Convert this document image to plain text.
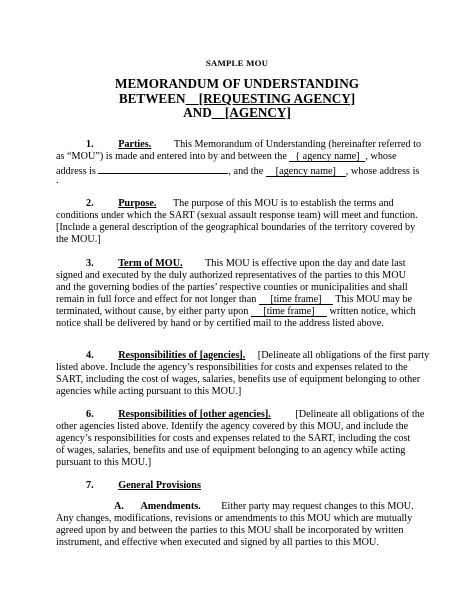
SAMPLE MOU
MEMORANDUM OF UNDERSTANDING
BETWEEN [REQUESTING AGENCY]
AND [AGENCY]
1. Parties. This Memorandum of Understanding (hereinafter referred to
as “MOU”) is made and entered into by and between the { agency name] , whose
address is	, and the [agency name] , whose address is
.
2. Purpose. The purpose of this MOU is to establish the terms and
conditions under which the SART (sexual assault response team) will meet and function.
[Include a general description of the geographical boundaries of the territory covered by
the MOU.]
3. Term of MOU. This MOU is effective upon the day and date last
signed and executed by the duly authorized representatives of the parties to this MOU
and the governing bodies of the parties’ respective counties or municipalities and shall
remain in full force and effect for not longer than [time frame] This MOU may be
terminated, without cause, by either party upon [time frame] written notice, which
notice shall be delivered by hand or by certified mail to the address listed above.
4. Responsibilities of [agencies]. [Delineate all obligations of the first party
listed above. Include the agency’s responsibilities for costs and expenses related to the
SART, including the cost of wages, salaries, benefits use of equipment belonging to other
agencies while acting pursuant to this MOU.]
6. Responsibilities of [other agencies]. [Delineate all obligations of the
other agencies listed above. Identify the agency covered by this MOU, and include the
agency’s responsibilities for costs and expenses related to the SART, including the cost
of wages, salaries, benefits and use of equipment belonging to an agency while acting
pursuant to this MOU.]
7. General Provisions
A. Amendments. Either party may request changes to this MOU.
Any changes, modifications, revisions or amendments to this MOU which are mutually
agreed upon by and between the parties to this MOU shall be incorporated by written
instrument, and effective when executed and signed by all parties to this MOU.
